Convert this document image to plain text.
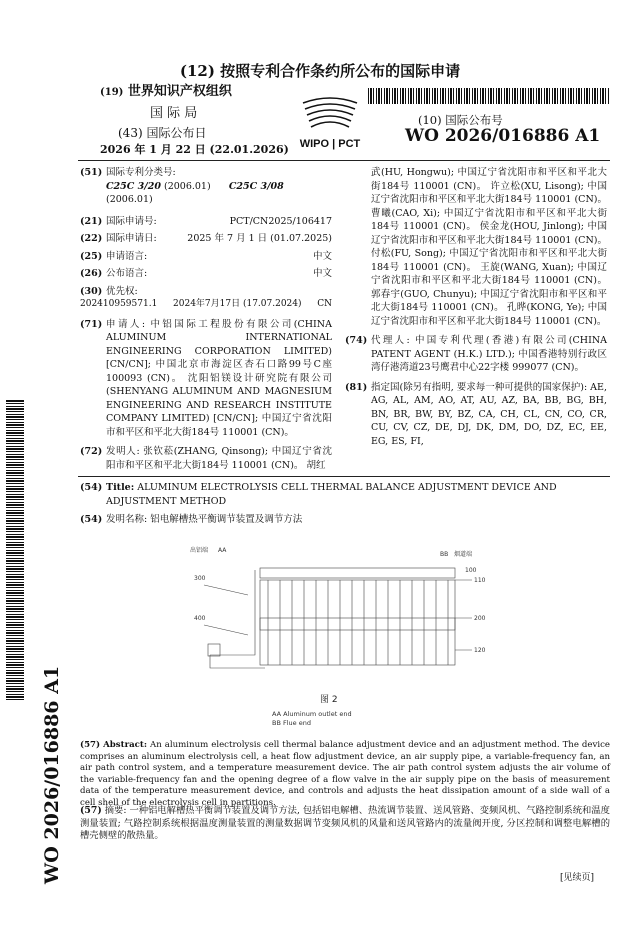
(12) 按照专利合作条约所公布的国际申请
(19) 世界知识产权组织
国 际 局
(43) 国际公布日
2026 年 1 月 22 日 (22.01.2026) WIPO | PCT
(10) 国际公布号
WO 2026/016886 A1
WO 2026/016886 A1
(51) 国际专利分类号:
C25C 3/20 (2006.01) C25C 3/08 (2006.01)
(21) 国际申请号:	PCT/CN2025/106417
(22) 国际申请日:	2025 年 7 月 1 日 (01.07.2025)
(25) 申请语言:	中文
(26) 公布语言:	中文
(30) 优先权:
202410959571.1 2024年7月17日 (17.07.2024) CN
(71) 申请人: 中铝国际工程股份有限公司(CHINA ALUMINUM INTERNATIONAL ENGINEERING CORPORATION LIMITED) [CN/CN]; 中国北京市海淀区杏石口路99号C座 100093 (CN)。 沈阳铝镁设计研究院有限公司(SHENYANG ALUMINUM AND MAGNESIUM ENGINEERING AND RESEARCH INSTITUTE COMPANY LIMITED) [CN/CN]; 中国辽宁省沈阳市和平区和平北大街184号 110001 (CN)。
(72) 发明人: 张钦菘(ZHANG, Qinsong); 中国辽宁省沈阳市和平区和平北大街184号 110001 (CN)。 胡红
武(HU, Hongwu); 中国辽宁省沈阳市和平区和平北大街184号 110001 (CN)。 许立松(XU, Lisong); 中国辽宁省沈阳市和平区和平北大街184号 110001 (CN)。 曹曦(CAO, Xi); 中国辽宁省沈阳市和平区和平北大街184号 110001 (CN)。 侯金龙(HOU, Jinlong); 中国辽宁省沈阳市和平区和平北大街184号 110001 (CN)。 付松(FU, Song); 中国辽宁省沈阳市和平区和平北大街184号 110001 (CN)。 王旋(WANG, Xuan); 中国辽宁省沈阳市和平区和平北大街184号 110001 (CN)。 郭春宇(GUO, Chunyu); 中国辽宁省沈阳市和平区和平北大街184号 110001 (CN)。 孔晔(KONG, Ye); 中国辽宁省沈阳市和平区和平北大街184号 110001 (CN)。
(74) 代理人: 中国专利代理(香港)有限公司(CHINA PATENT AGENT (H.K.) LTD.); 中国香港特别行政区湾仔港湾道23号鹰君中心22字楼 999077 (CN)。
(81) 指定国(除另有指明, 要求每一种可提供的国家保护): AE, AG, AL, AM, AO, AT, AU, AZ, BA, BB, BG, BH, BN, BR, BW, BY, BZ, CA, CH, CL, CN, CO, CR, CU, CV, CZ, DE, DJ, DK, DM, DO, DZ, EC, EE, EG, ES, FI,
(54) Title: ALUMINUM ELECTROLYSIS CELL THERMAL BALANCE ADJUSTMENT DEVICE AND ADJUSTMENT METHOD
(54) 发明名称: 铝电解槽热平衡调节装置及调节方法
出铝端 AA
BB 烟道端
300
400
100
110
200
120
图 2
AA Aluminum outlet end
BB Flue end
(57) Abstract: An aluminum electrolysis cell thermal balance adjustment device and an adjustment method. The device comprises an aluminum electrolysis cell, a heat flow adjustment device, an air supply pipe, a variable-frequency fan, an air path control system, and a temperature measurement device. The air path control system adjusts the air volume of the variable-frequency fan and the opening degree of a flow valve in the air supply pipe on the basis of measurement data of the temperature measurement device, and controls and adjusts the heat dissipation amount of a side wall of a cell shell of the electrolysis cell in partitions.
(57) 摘要: 一种铝电解槽热平衡调节装置及调节方法, 包括铝电解槽、热流调节装置、送风管路、变频风机、气路控制系统和温度测量装置; 气路控制系统根据温度测量装置的测量数据调节变频风机的风量和送风管路内的流量阀开度, 分区控制和调整电解槽的槽壳侧壁的散热量。
[见续页]
